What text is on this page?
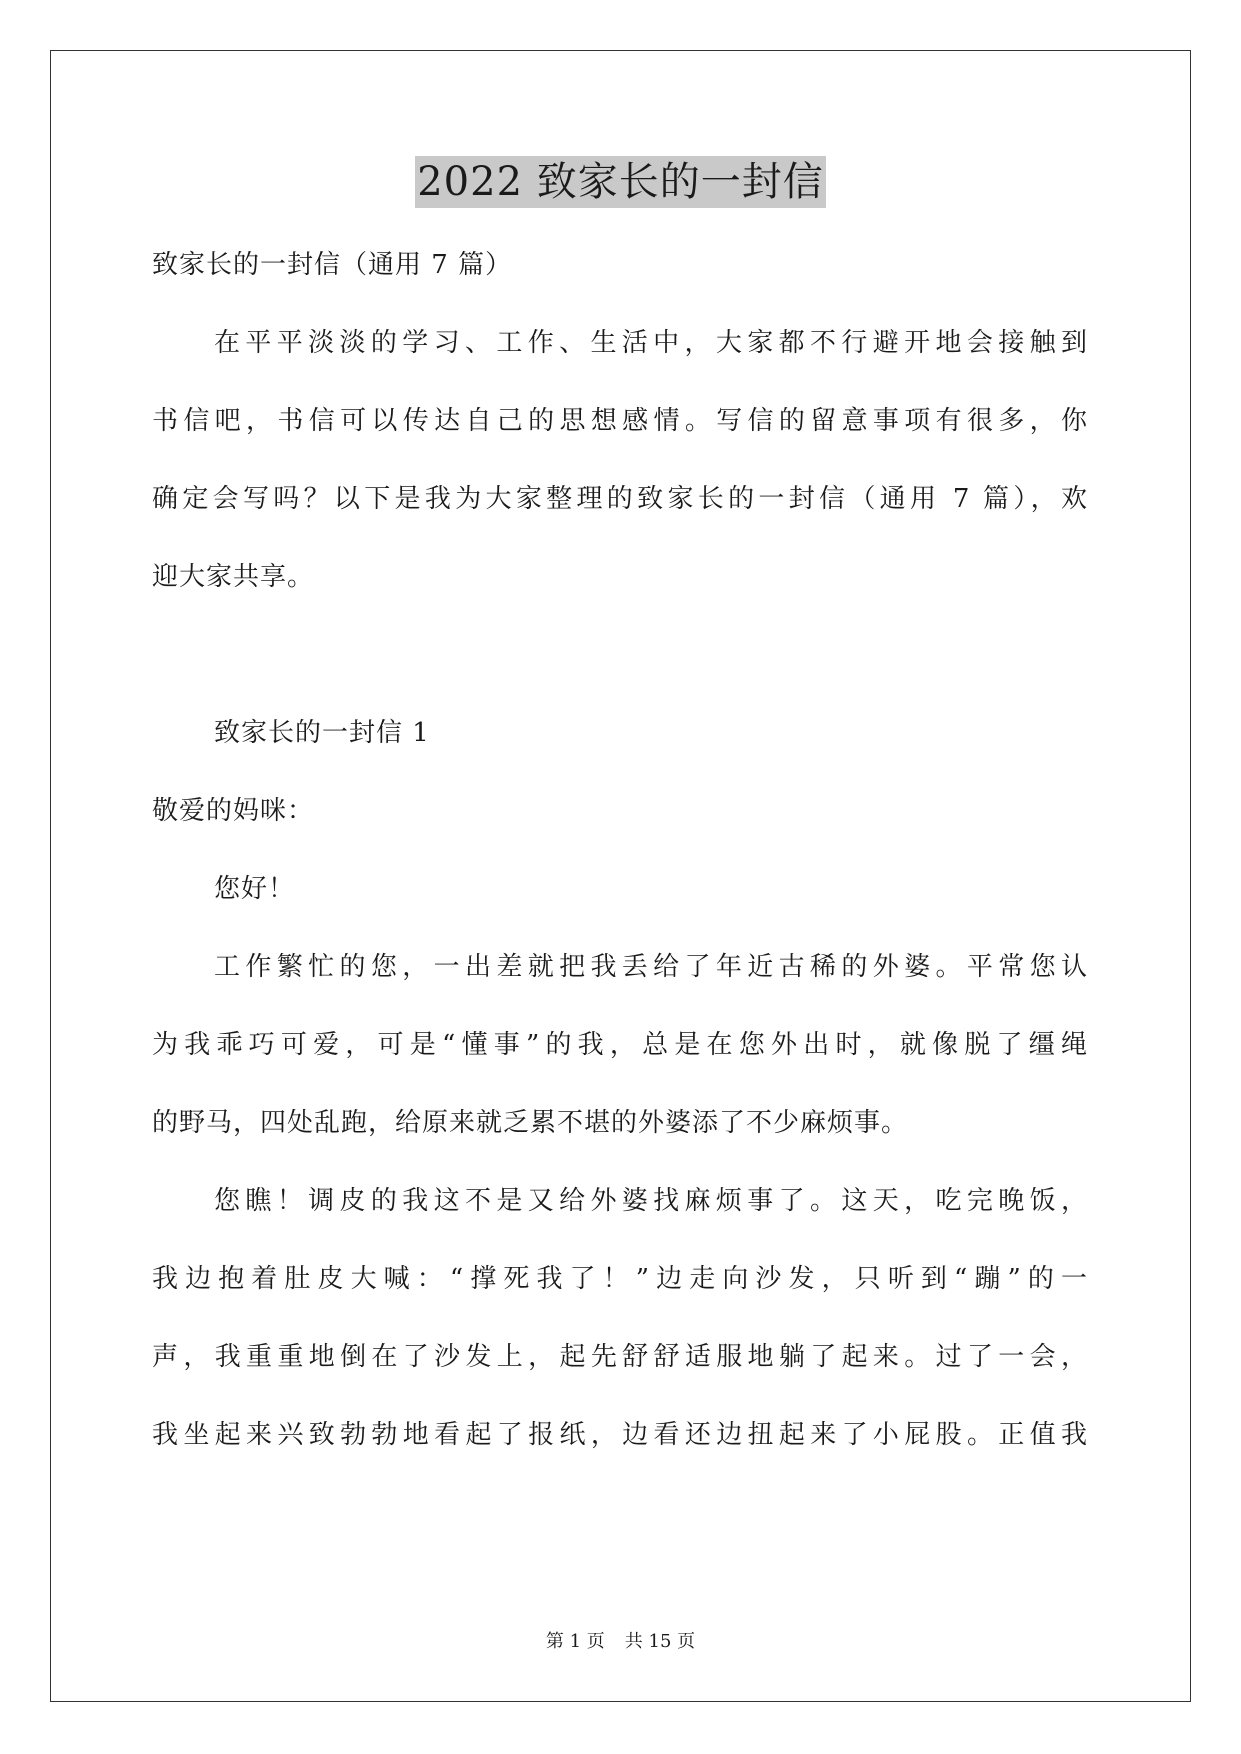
2022 致家长的一封信

致家长的一封信（通用 7 篇）

在平平淡淡的学习、工作、生活中，大家都不行避开地会接触到

书信吧，书信可以传达自己的思想感情。写信的留意事项有很多，你

确定会写吗？以下是我为大家整理的致家长的一封信（通用 7 篇），欢

迎大家共享。

致家长的一封信 1

敬爱的妈咪：

您好！

工作繁忙的您，一出差就把我丢给了年近古稀的外婆。平常您认

为我乖巧可爱，可是“懂事”的我，总是在您外出时，就像脱了缰绳

的野马，四处乱跑，给原来就乏累不堪的外婆添了不少麻烦事。

您瞧！调皮的我这不是又给外婆找麻烦事了。这天，吃完晚饭，

我边抱着肚皮大喊：“撑死我了！”边走向沙发，只听到“蹦”的一

声，我重重地倒在了沙发上，起先舒舒适服地躺了起来。过了一会，

我坐起来兴致勃勃地看起了报纸，边看还边扭起来了小屁股。正值我

第 1 页 共 15 页
